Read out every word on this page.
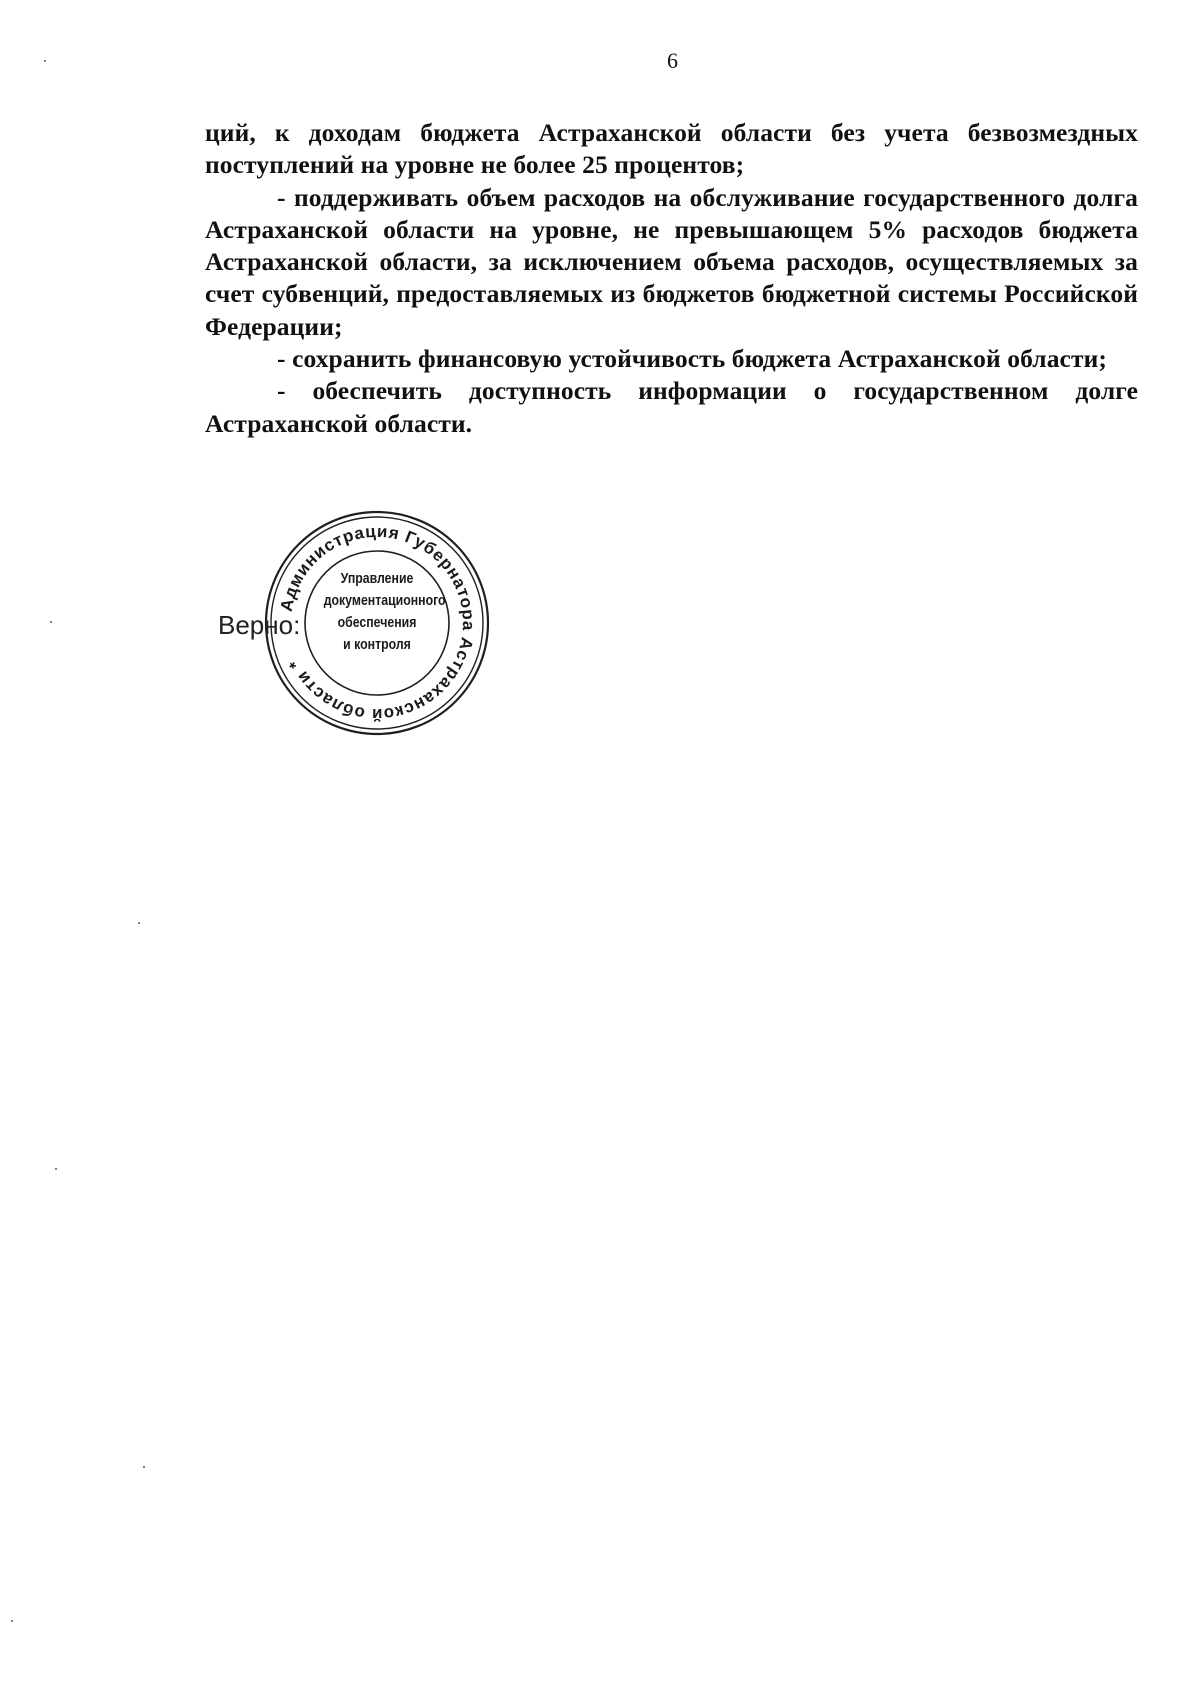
6

ций, к доходам бюджета Астраханской области без учета безвозмездных поступлений на уровне не более 25 процентов;

- поддерживать объем расходов на обслуживание государственного долга Астраханской области на уровне, не превышающем 5% расходов бюджета Астраханской области, за исключением объема расходов, осуществляемых за счет субвенций, предоставляемых из бюджетов бюджетной системы Российской Федерации;

- сохранить финансовую устойчивость бюджета Астраханской области;

- обеспечить доступность информации о государственном долге Астраханской области.

Верно:
Администрация Губернатора Астраханской области *
Управление
документационного
обеспечения
и контроля
